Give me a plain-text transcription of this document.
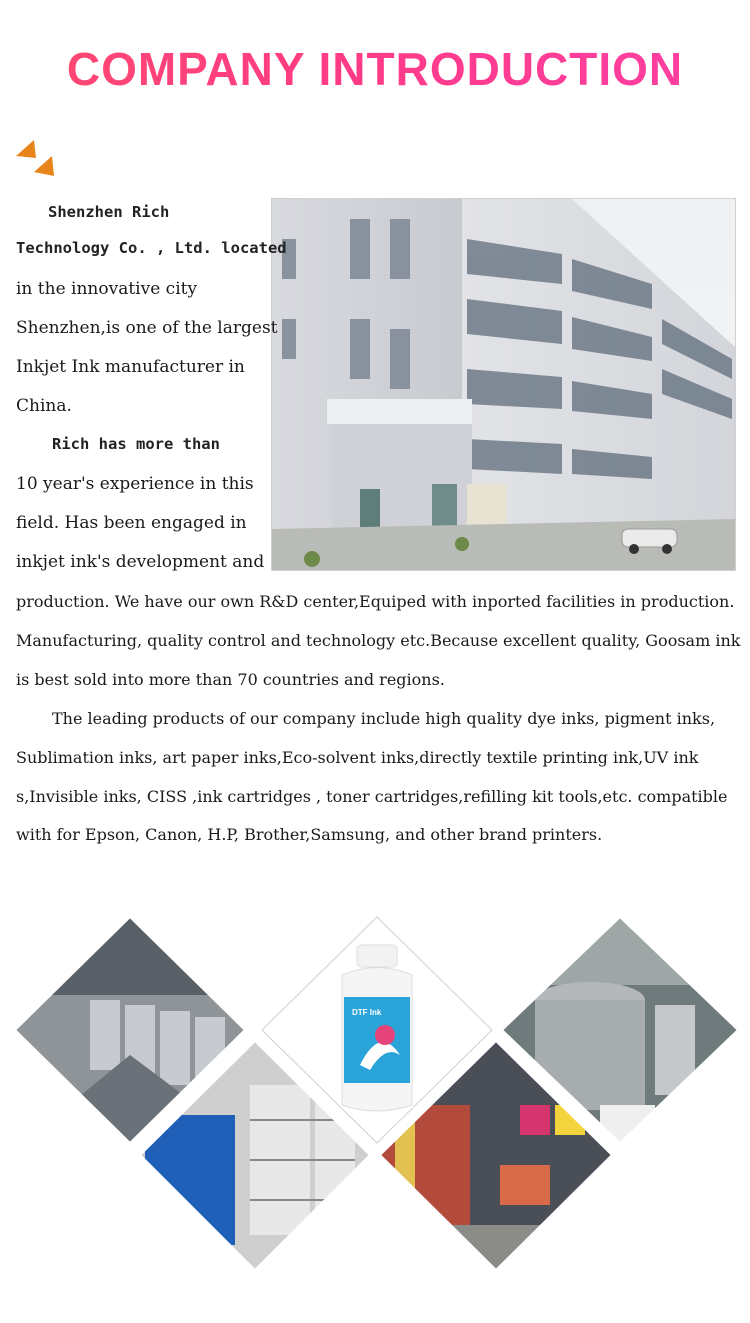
COMPANY INTRODUCTION
Shenzhen Rich
Technology Co. , Ltd. located
in the innovative city
Shenzhen,is one of the largest
Inkjet Ink manufacturer in
China.
Rich has more than
10 year's experience in this
field. Has been engaged in
inkjet ink's development and
production. We have our own R&D center,Equiped with inported facilities in production.
Manufacturing, quality control and technology etc.Because excellent quality, Goosam ink
is best sold into more than 70 countries and regions.
The leading products of our company include high quality dye inks, pigment inks,
Sublimation inks, art paper inks,Eco-solvent inks,directly textile printing ink,UV ink
s,Invisible inks, CISS ,ink cartridges , toner cartridges,refilling kit tools,etc. compatible
with for Epson, Canon, H.P, Brother,Samsung, and other brand printers.
DTF Ink
